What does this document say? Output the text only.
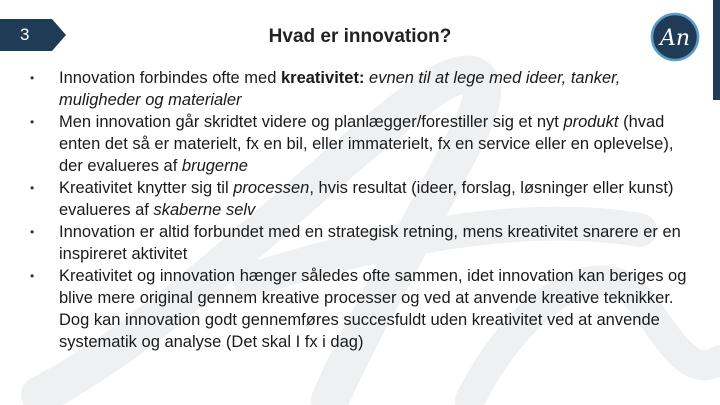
3	Hvad er innovation?	An
•	Innovation forbindes ofte med kreativitet: evnen til at lege med ideer, tanker, muligheder og materialer
•	Men innovation går skridtet videre og planlægger/forestiller sig et nyt produkt (hvad enten det så er materielt, fx en bil, eller immaterielt, fx en service eller en oplevelse), der evalueres af brugerne
•	Kreativitet knytter sig til processen, hvis resultat (ideer, forslag, løsninger eller kunst) evalueres af skaberne selv
•	Innovation er altid forbundet med en strategisk retning, mens kreativitet snarere er en inspireret aktivitet
•	Kreativitet og innovation hænger således ofte sammen, idet innovation kan beriges og blive mere original gennem kreative processer og ved at anvende kreative teknikker. Dog kan innovation godt gennemføres succesfuldt uden kreativitet ved at anvende systematik og analyse (Det skal I fx i dag)
